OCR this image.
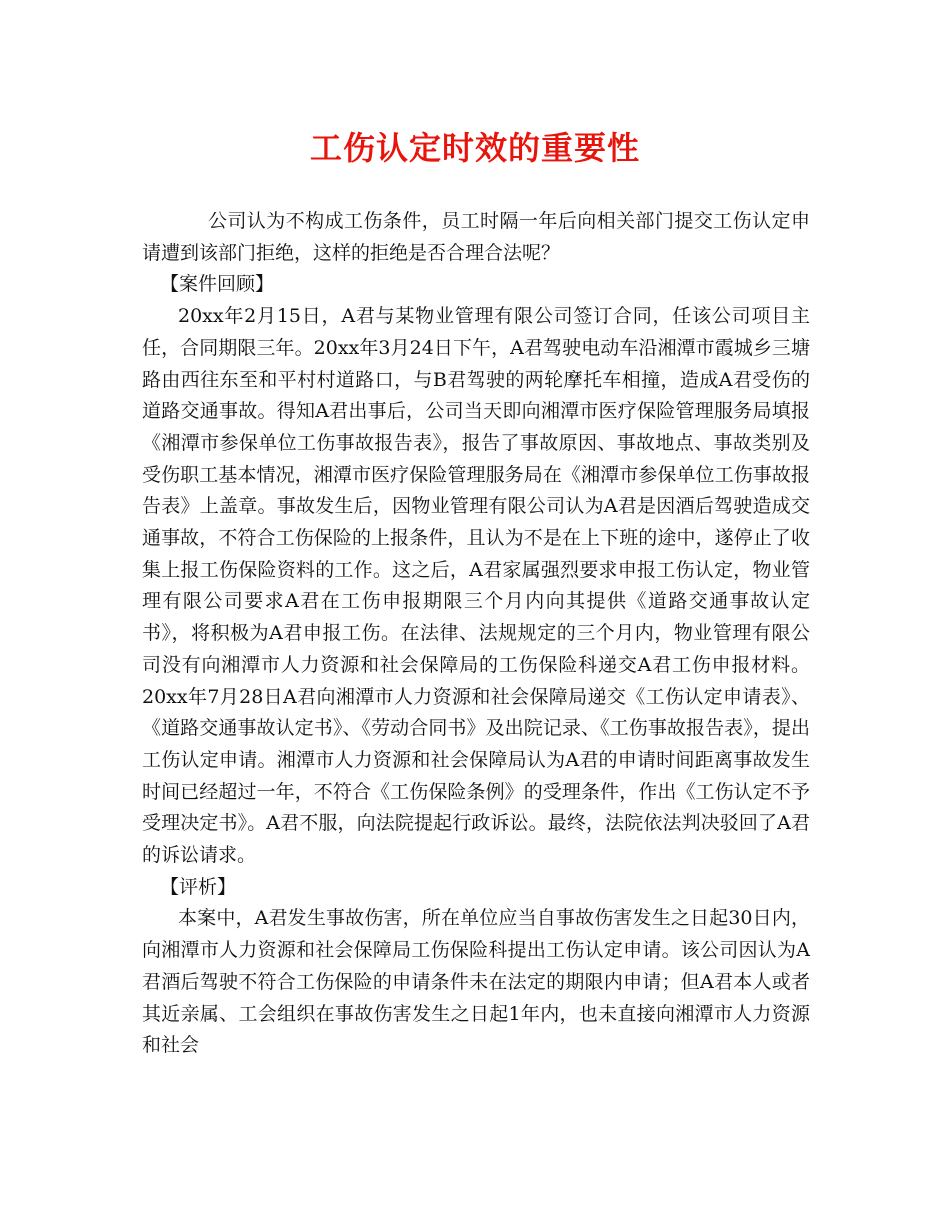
工伤认定时效的重要性

公司认为不构成工伤条件，员工时隔一年后向相关部门提交工伤认定申请遭到该部门拒绝，这样的拒绝是否合理合法呢？

【案件回顾】

20xx年2月15日，A君与某物业管理有限公司签订合同，任该公司项目主任，合同期限三年。20xx年3月24日下午，A君驾驶电动车沿湘潭市霞城乡三塘路由西往东至和平村村道路口，与B君驾驶的两轮摩托车相撞，造成A君受伤的道路交通事故。得知A君出事后，公司当天即向湘潭市医疗保险管理服务局填报《湘潭市参保单位工伤事故报告表》，报告了事故原因、事故地点、事故类别及受伤职工基本情况，湘潭市医疗保险管理服务局在《湘潭市参保单位工伤事故报告表》上盖章。事故发生后，因物业管理有限公司认为A君是因酒后驾驶造成交通事故，不符合工伤保险的上报条件，且认为不是在上下班的途中，遂停止了收集上报工伤保险资料的工作。这之后，A君家属强烈要求申报工伤认定，物业管理有限公司要求A君在工伤申报期限三个月内向其提供《道路交通事故认定书》，将积极为A君申报工伤。在法律、法规规定的三个月内，物业管理有限公司没有向湘潭市人力资源和社会保障局的工伤保险科递交A君工伤申报材料。20xx年7月28日A君向湘潭市人力资源和社会保障局递交《工伤认定申请表》、《道路交通事故认定书》、《劳动合同书》及出院记录、《工伤事故报告表》，提出工伤认定申请。湘潭市人力资源和社会保障局认为A君的申请时间距离事故发生时间已经超过一年，不符合《工伤保险条例》的受理条件，作出《工伤认定不予受理决定书》。A君不服，向法院提起行政诉讼。最终，法院依法判决驳回了A君的诉讼请求。

【评析】

本案中，A君发生事故伤害，所在单位应当自事故伤害发生之日起30日内，向湘潭市人力资源和社会保障局工伤保险科提出工伤认定申请。该公司因认为A君酒后驾驶不符合工伤保险的申请条件未在法定的期限内申请；但A君本人或者其近亲属、工会组织在事故伤害发生之日起1年内，也未直接向湘潭市人力资源和社会
